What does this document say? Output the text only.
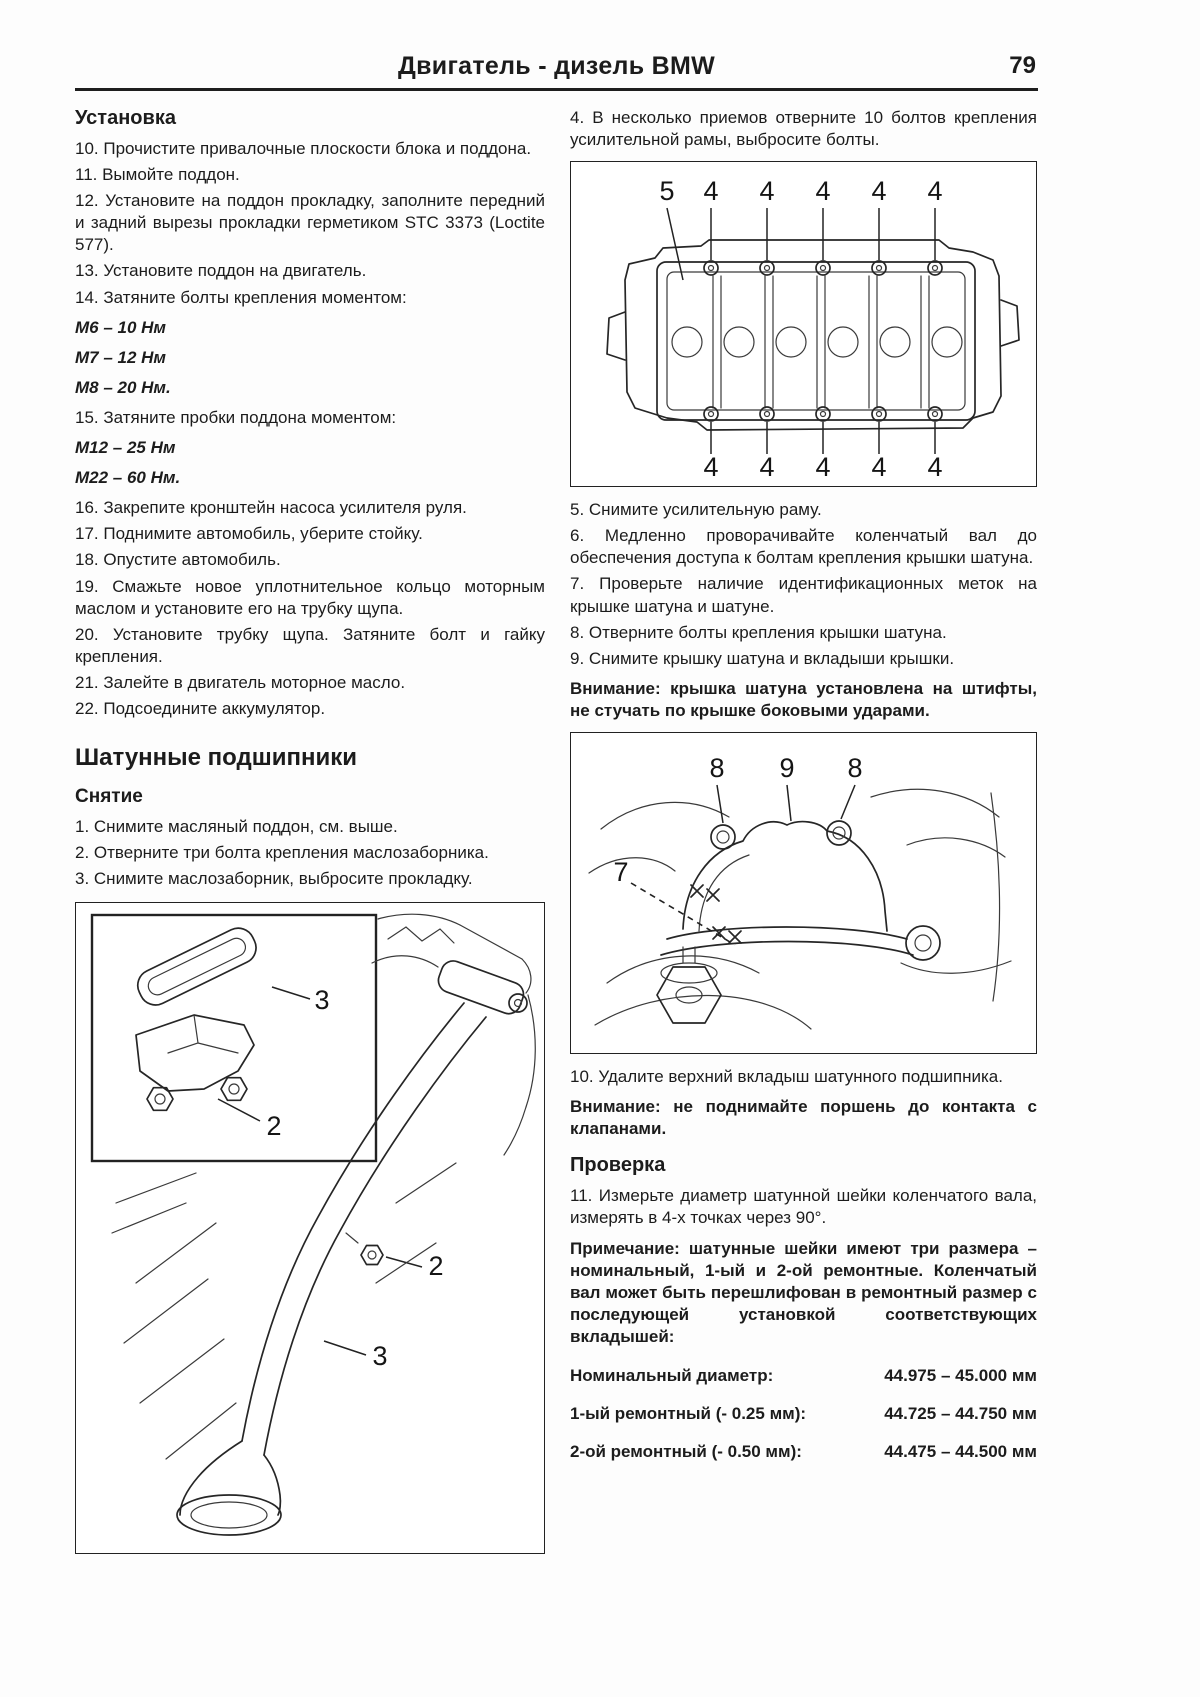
Двигатель - дизель BMW	79
Установка

10. Прочистите привалочные плоскости блока и поддона.

11. Вымойте поддон.

12. Установите на поддон прокладку, заполните передний и задний вырезы прокладки герметиком STC 3373 (Loctite 577).

13. Установите поддон на двигатель.

14. Затяните болты крепления моментом:

М6 – 10 Нм

М7 – 12 Нм

М8 – 20 Нм.

15. Затяните пробки поддона моментом:

М12 – 25 Нм

М22 – 60 Нм.

16. Закрепите кронштейн насоса усилителя руля.

17. Поднимите автомобиль, уберите стойку.

18. Опустите автомобиль.

19. Смажьте новое уплотнительное кольцо моторным маслом и установите его на трубку щупа.

20. Установите трубку щупа. Затяните болт и гайку крепления.

21. Залейте в двигатель моторное масло.

22. Подсоедините аккумулятор.

Шатунные подшипники
Снятие

1. Снимите масляный поддон, см. выше.

2. Отверните три болта крепления маслозаборника.

3. Снимите маслозаборник, выбросите прокладку.

3
2
2
3

4. В несколько приемов отверните 10 болтов крепления усилительной рамы, выбросите болты.

5 4 4 4 4 4
4 4 4 4 4

5. Снимите усилительную раму.

6. Медленно проворачивайте коленчатый вал до обеспечения доступа к болтам крепления крышки шатуна.

7. Проверьте наличие идентификационных меток на крышке шатуна и шатуне.

8. Отверните болты крепления крышки шатуна.

9. Снимите крышку шатуна и вкладыши крышки.

Внимание: крышка шатуна установлена на штифты, не стучать по крышке боковыми ударами.

8 9 8
7

10. Удалите верхний вкладыш шатунного подшипника.

Внимание: не поднимайте поршень до контакта с клапанами.

Проверка

11. Измерьте диаметр шатунной шейки коленчатого вала, измерять в 4-х точках через 90°.

Примечание: шатунные шейки имеют три размера – номинальный, 1-ый и 2-ой ремонтные. Коленчатый вал может быть перешлифован в ремонтный размер с последующей установкой соответствующих вкладышей:

Номинальный диаметр:	44.975 – 45.000 мм
1-ый ремонтный (- 0.25 мм):	44.725 – 44.750 мм
2-ой ремонтный (- 0.50 мм):	44.475 – 44.500 мм
